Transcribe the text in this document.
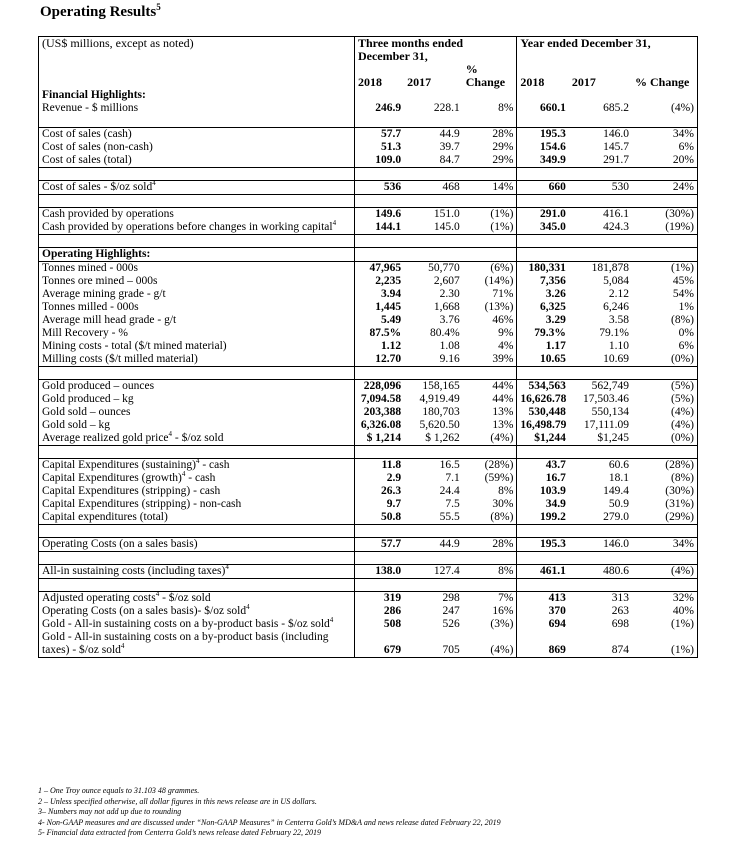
Operating Results$^5$
(US$ millions, except as noted)	Three months ended December 31,			Year ended December 31,		
	2018	2017	% Change	2018	2017	% Change
Financial Highlights:						
Revenue - $ millions	246.9	228.1	8%	660.1	685.2	(4%)

Cost of sales (cash)	57.7	44.9	28%	195.3	146.0	34%
Cost of sales (non-cash)	51.3	39.7	29%	154.6	145.7	6%
Cost of sales (total)	109.0	84.7	29%	349.9	291.7	20%

Cost of sales - $/oz sold$^4$	536	468	14%	660	530	24%

Cash provided by operations	149.6	151.0	(1%)	291.0	416.1	(30%)
Cash provided by operations before changes in working capital$^4$	144.1	145.0	(1%)	345.0	424.3	(19%)

Operating Highlights:						
Tonnes mined - 000s	47,965	50,770	(6%)	180,331	181,878	(1%)
Tonnes ore mined – 000s	2,235	2,607	(14%)	7,356	5,084	45%
Average mining grade - g/t	3.94	2.30	71%	3.26	2.12	54%
Tonnes milled - 000s	1,445	1,668	(13%)	6,325	6,246	1%
Average mill head grade - g/t	5.49	3.76	46%	3.29	3.58	(8%)
Mill Recovery - %	87.5%	80.4%	9%	79.3%	79.1%	0%
Mining costs - total ($/t mined material)	1.12	1.08	4%	1.17	1.10	6%
Milling costs ($/t milled material)	12.70	9.16	39%	10.65	10.69	(0%)

Gold produced – ounces	228,096	158,165	44%	534,563	562,749	(5%)
Gold produced – kg	7,094.58	4,919.49	44%	16,626.78	17,503.46	(5%)
Gold sold – ounces	203,388	180,703	13%	530,448	550,134	(4%)
Gold sold – kg	6,326.08	5,620.50	13%	16,498.79	17,111.09	(4%)
Average realized gold price$^4$ - $/oz sold	$ 1,214	$ 1,262	(4%)	$1,244	$1,245	(0%)

Capital Expenditures (sustaining)$^4$ - cash	11.8	16.5	(28%)	43.7	60.6	(28%)
Capital Expenditures (growth)$^4$ - cash	2.9	7.1	(59%)	16.7	18.1	(8%)
Capital Expenditures (stripping) - cash	26.3	24.4	8%	103.9	149.4	(30%)
Capital Expenditures (stripping) - non-cash	9.7	7.5	30%	34.9	50.9	(31%)
Capital expenditures (total)	50.8	55.5	(8%)	199.2	279.0	(29%)

Operating Costs (on a sales basis)	57.7	44.9	28%	195.3	146.0	34%

All-in sustaining costs (including taxes)$^4$	138.0	127.4	8%	461.1	480.6	(4%)

Adjusted operating costs$^4$ - $/oz sold	319	298	7%	413	313	32%
Operating Costs (on a sales basis)- $/oz sold$^4$	286	247	16%	370	263	40%
Gold - All-in sustaining costs on a by-product basis - $/oz sold$^4$	508	526	(3%)	694	698	(1%)
Gold - All-in sustaining costs on a by-product basis (including taxes) - $/oz sold$^4$	679	705	(4%)	869	874	(1%)
1 – One Troy ounce equals to 31.103 48 grammes.
2 – Unless specified otherwise, all dollar figures in this news release are in US dollars.
3– Numbers may not add up due to rounding
4- Non-GAAP measures and are discussed under “Non-GAAP Measures” in Centerra Gold’s MD&A and news release dated February 22, 2019
5- Financial data extracted from Centerra Gold’s news release dated February 22, 2019
